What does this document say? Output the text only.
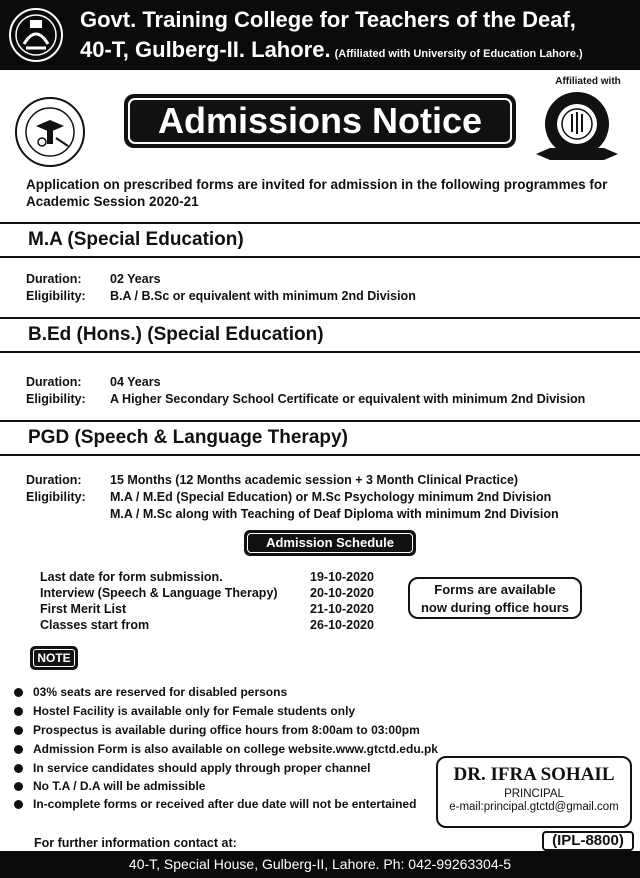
Govt. Training College for Teachers of the Deaf,
40-T, Gulberg-II. Lahore. (Affiliated with University of Education Lahore.)
Admissions Notice
Affiliated with
Application on prescribed forms are invited for admission in the following programmes for Academic Session 2020-21
M.A (Special Education)
Duration: 02 Years
Eligibility: B.A / B.Sc or equivalent with minimum 2nd Division
B.Ed (Hons.) (Special Education)
Duration: 04 Years
Eligibility: A Higher Secondary School Certificate or equivalent with minimum 2nd Division
PGD (Speech & Language Therapy)
Duration: 15 Months (12 Months academic session + 3 Month Clinical Practice)
Eligibility: M.A / M.Ed (Special Education) or M.Sc Psychology minimum 2nd Division
M.A / M.Sc along with Teaching of Deaf Diploma with minimum 2nd Division
Admission Schedule
Last date for form submission.	19-10-2020
Interview (Speech & Language Therapy)	20-10-2020
First Merit List	21-10-2020
Classes start from	26-10-2020
Forms are available
now during office hours
NOTE
03% seats are reserved for disabled persons
Hostel Facility is available only for Female students only
Prospectus is available during office hours from 8:00am to 03:00pm
Admission Form is also available on college website.www.gtctd.edu.pk
In service candidates should apply through proper channel
No T.A / D.A will be admissible
In-complete forms or received after due date will not be entertained
DR. IFRA SOHAIL
PRINCIPAL
e-mail:principal.gtctd@gmail.com
For further information contact at:	(IPL-8800)
40-T, Special House, Gulberg-II, Lahore. Ph: 042-99263304-5
